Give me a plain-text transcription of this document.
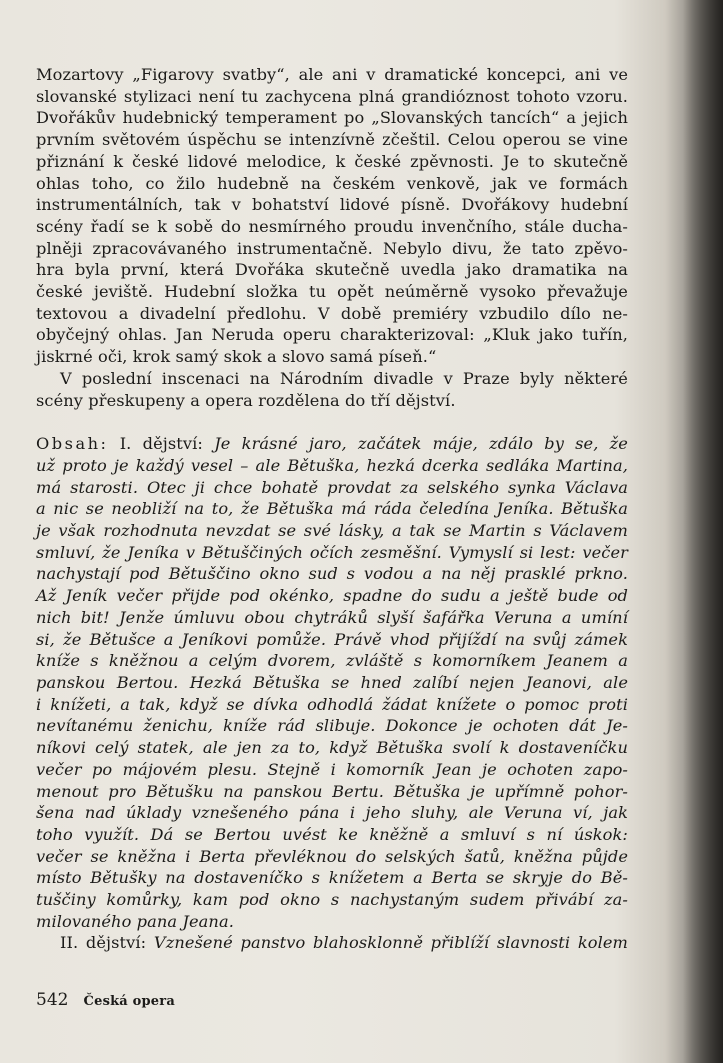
Mozartovy „Figarovy svatby“, ale ani v dramatické koncepci, ani ve
slovanské stylizaci není tu zachycena plná grandióznost tohoto vzoru.
Dvořákův hudebnický temperament po „Slovanských tancích“ a jejich
prvním světovém úspěchu se intenzívně zčeštil. Celou operou se vine
přiznání k české lidové melodice, k české zpěvnosti. Je to skutečně
ohlas toho, co žilo hudebně na českém venkově, jak ve formách
instrumentálních, tak v bohatství lidové písně. Dvořákovy hudební
scény řadí se k sobě do nesmírného proudu invenčního, stále ducha-
plněji zpracovávaného instrumentačně. Nebylo divu, že tato zpěvo-
hra byla první, která Dvořáka skutečně uvedla jako dramatika na
české jeviště. Hudební složka tu opět neúměrně vysoko převažuje
textovou a divadelní předlohu. V době premiéry vzbudilo dílo ne-
obyčejný ohlas. Jan Neruda operu charakterizoval: „Kluk jako tuřín,
jiskrné oči, krok samý skok a slovo samá píseň.“
V poslední inscenaci na Národním divadle v Praze byly některé
scény přeskupeny a opera rozdělena do tří dějství.
Obsah: I. dějství: Je krásné jaro, začátek máje, zdálo by se, že
už proto je každý vesel – ale Bětuška, hezká dcerka sedláka Martina,
má starosti. Otec ji chce bohatě provdat za selského synka Václava
a nic se neobliží na to, že Bětuška má ráda čeledína Jeníka. Bětuška
je však rozhodnuta nevzdat se své lásky, a tak se Martin s Václavem
smluví, že Jeníka v Bětuščiných očích zesměšní. Vymyslí si lest: večer
nachystají pod Bětuščino okno sud s vodou a na něj prasklé prkno.
Až Jeník večer přijde pod okénko, spadne do sudu a ještě bude od
nich bit! Jenže úmluvu obou chytráků slyší šafářka Veruna a umíní
si, že Bětušce a Jeníkovi pomůže. Právě vhod přijíždí na svůj zámek
kníže s kněžnou a celým dvorem, zvláště s komorníkem Jeanem a
panskou Bertou. Hezká Bětuška se hned zalíbí nejen Jeanovi, ale
i knížeti, a tak, když se dívka odhodlá žádat knížete o pomoc proti
nevítanému ženichu, kníže rád slibuje. Dokonce je ochoten dát Je-
níkovi celý statek, ale jen za to, když Bětuška svolí k dostaveníčku
večer po májovém plesu. Stejně i komorník Jean je ochoten zapo-
menout pro Bětušku na panskou Bertu. Bětuška je upřímně pohor-
šena nad úklady vznešeného pána i jeho sluhy, ale Veruna ví, jak
toho využít. Dá se Bertou uvést ke kněžně a smluví s ní úskok:
večer se kněžna i Berta převléknou do selských šatů, kněžna půjde
místo Bětušky na dostaveníčko s knížetem a Berta se skryje do Bě-
tuščiny komůrky, kam pod okno s nachystaným sudem přivábí za-
milovaného pana Jeana.
II. dějství: Vznešené panstvo blahosklonně přiblíží slavnosti kolem
542 Česká opera
